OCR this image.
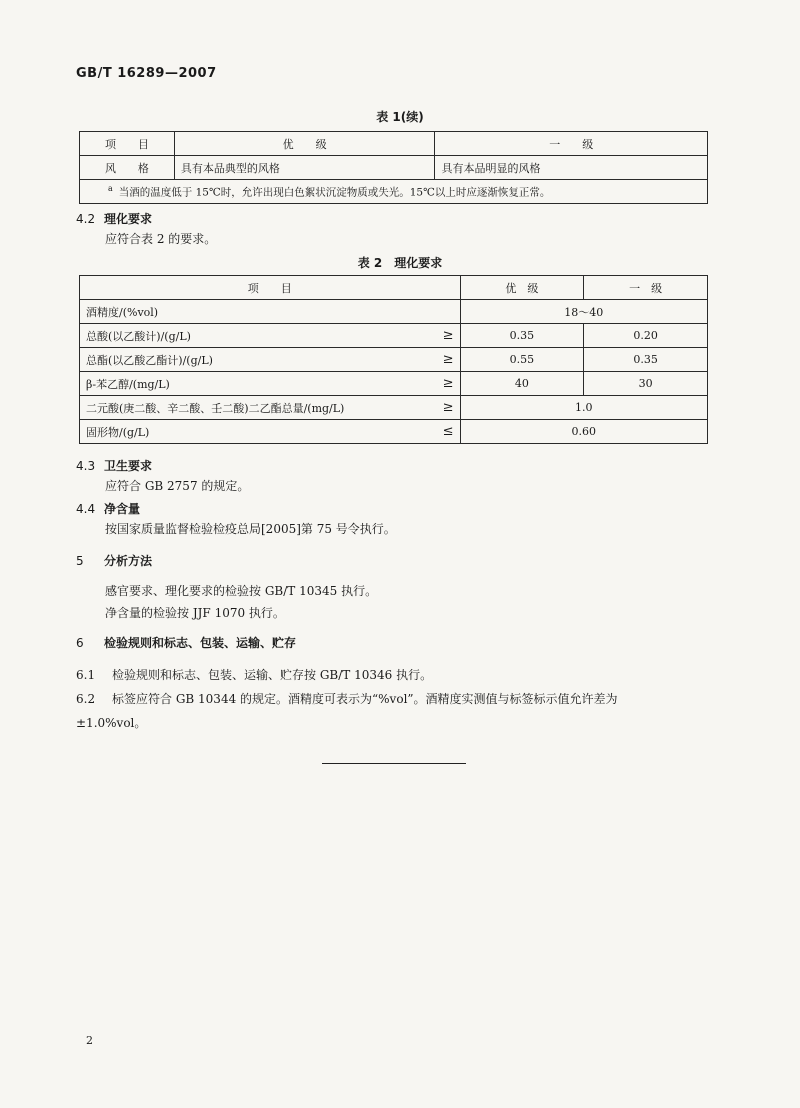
GB/T 16289—2007
表 1(续)
项　　目	优　　级	一　　级
风　　格	具有本品典型的风格	具有本品明显的风格
$^a$ 当酒的温度低于 15℃时，允许出现白色絮状沉淀物质或失光。15℃以上时应逐渐恢复正常。		
4.2 理化要求
应符合表 2 的要求。
表 2　理化要求
项　　目	优　级	一　级
酒精度/(%vol)	18～40	
总酸(以乙酸计)/(g/L) ≥	0.35	0.20
总酯(以乙酸乙酯计)/(g/L) ≥	0.55	0.35
β-苯乙醇/(mg/L) ≥	40	30
二元酸(庚二酸、辛二酸、壬二酸)二乙酯总量/(mg/L) ≥	1.0	
固形物/(g/L) ≤	0.60	
4.3 卫生要求
应符合 GB 2757 的规定。
4.4 净含量
按国家质量监督检验检疫总局[2005]第 75 号令执行。
5 分析方法
感官要求、理化要求的检验按 GB/T 10345 执行。
净含量的检验按 JJF 1070 执行。
6 检验规则和标志、包装、运输、贮存
6.1 检验规则和标志、包装、运输、贮存按 GB/T 10346 执行。
6.2 标签应符合 GB 10344 的规定。酒精度可表示为“%vol”。酒精度实测值与标签标示值允许差为
±1.0%vol。
2
